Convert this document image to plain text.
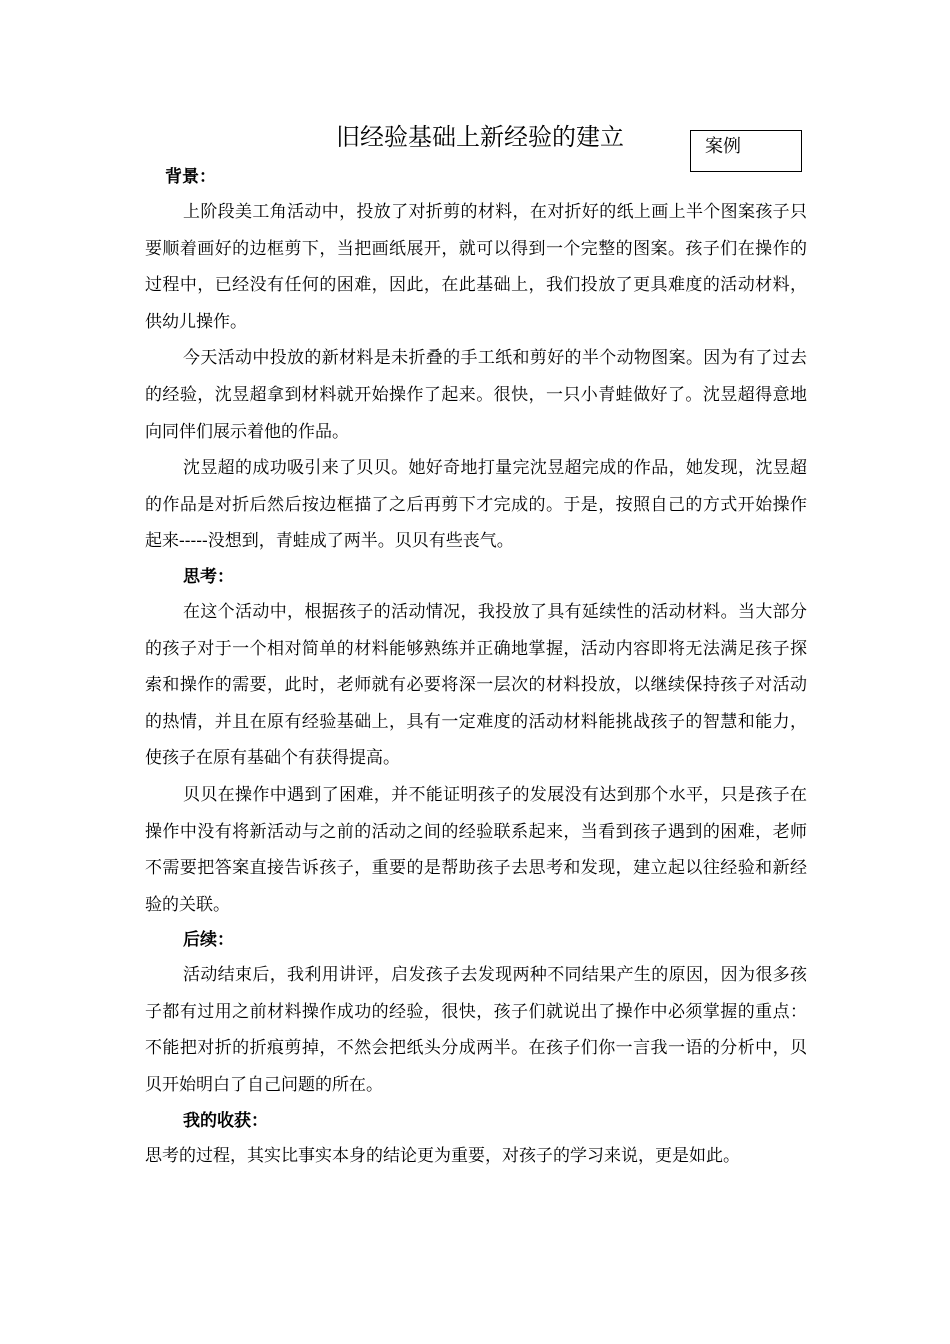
旧经验基础上新经验的建立	案例
背景：

上阶段美工角活动中，投放了对折剪的材料，在对折好的纸上画上半个图案孩子只要顺着画好的边框剪下，当把画纸展开，就可以得到一个完整的图案。孩子们在操作的过程中，已经没有任何的困难，因此，在此基础上，我们投放了更具难度的活动材料，供幼儿操作。

今天活动中投放的新材料是未折叠的手工纸和剪好的半个动物图案。因为有了过去的经验，沈昱超拿到材料就开始操作了起来。很快，一只小青蛙做好了。沈昱超得意地向同伴们展示着他的作品。

沈昱超的成功吸引来了贝贝。她好奇地打量完沈昱超完成的作品，她发现，沈昱超的作品是对折后然后按边框描了之后再剪下才完成的。于是，按照自己的方式开始操作起来-----没想到，青蛙成了两半。贝贝有些丧气。

思考：

在这个活动中，根据孩子的活动情况，我投放了具有延续性的活动材料。当大部分的孩子对于一个相对简单的材料能够熟练并正确地掌握，活动内容即将无法满足孩子探索和操作的需要，此时，老师就有必要将深一层次的材料投放，以继续保持孩子对活动的热情，并且在原有经验基础上，具有一定难度的活动材料能挑战孩子的智慧和能力，使孩子在原有基础个有获得提高。

贝贝在操作中遇到了困难，并不能证明孩子的发展没有达到那个水平，只是孩子在操作中没有将新活动与之前的活动之间的经验联系起来，当看到孩子遇到的困难，老师不需要把答案直接告诉孩子，重要的是帮助孩子去思考和发现，建立起以往经验和新经验的关联。

后续：

活动结束后，我利用讲评，启发孩子去发现两种不同结果产生的原因，因为很多孩子都有过用之前材料操作成功的经验，很快，孩子们就说出了操作中必须掌握的重点：不能把对折的折痕剪掉，不然会把纸头分成两半。在孩子们你一言我一语的分析中，贝贝开始明白了自己问题的所在。

我的收获：

思考的过程，其实比事实本身的结论更为重要，对孩子的学习来说，更是如此。
